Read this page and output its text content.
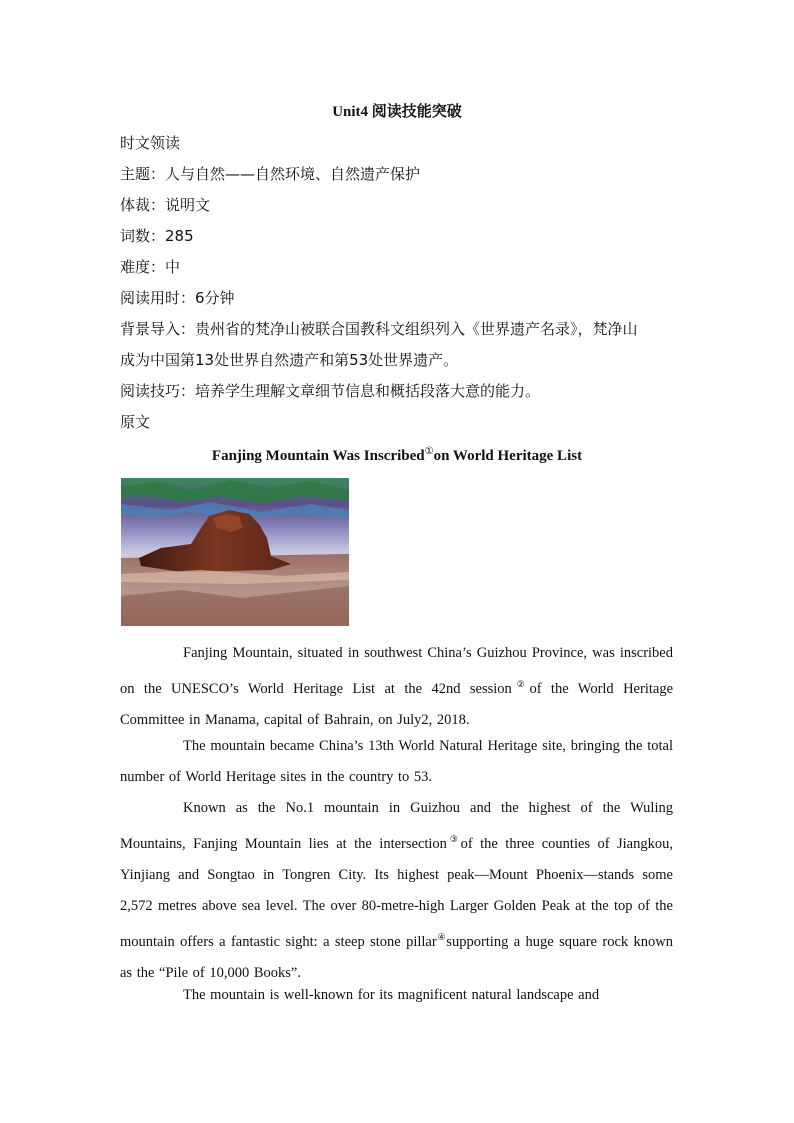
Unit4 阅读技能突破
时文领读
主题：人与自然——自然环境、自然遗产保护
体裁：说明文
词数：285
难度：中
阅读用时：6分钟
背景导入：贵州省的梵净山被联合国教科文组织列入《世界遗产名录》，梵净山
成为中国第13处世界自然遗产和第53处世界遗产。
阅读技巧：培养学生理解文章细节信息和概括段落大意的能力。
原文
Fanjing Mountain Was Inscribed①on World Heritage List
Fanjing Mountain, situated in southwest China’s Guizhou Province, was inscribed on the UNESCO’s World Heritage List at the 42nd session②of the World Heritage Committee in Manama, capital of Bahrain, on July2, 2018.
The mountain became China’s 13th World Natural Heritage site, bringing the total number of World Heritage sites in the country to 53.
Known as the No.1 mountain in Guizhou and the highest of the Wuling Mountains, Fanjing Mountain lies at the intersection③of the three counties of Jiangkou, Yinjiang and Songtao in Tongren City. Its highest peak—Mount Phoenix—stands some 2,572 metres above sea level. The over 80-metre-high Larger Golden Peak at the top of the mountain offers a fantastic sight: a steep stone pillar④supporting a huge square rock known as the “Pile of 10,000 Books”.
The mountain is well-known for its magnificent natural landscape and
